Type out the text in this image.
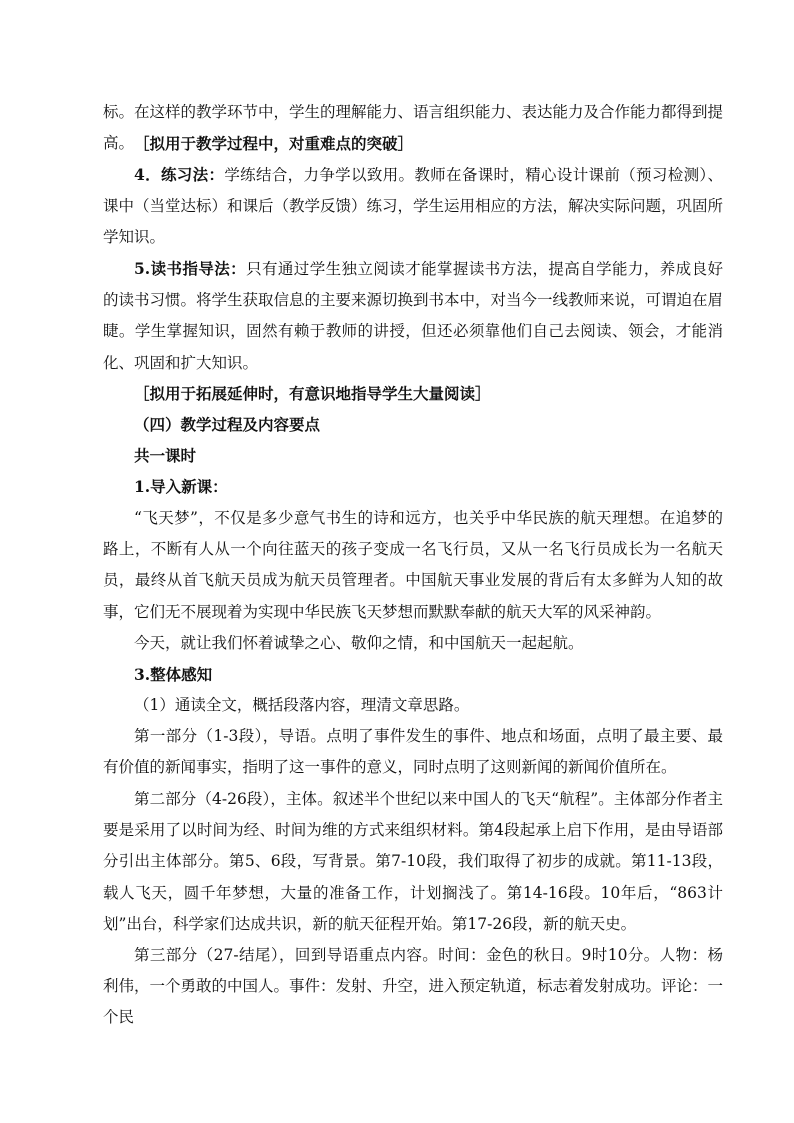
标。在这样的教学环节中，学生的理解能力、语言组织能力、表达能力及合作能力都得到提高。 ［拟用于教学过程中，对重难点的突破］

4．练习法：学练结合，力争学以致用。教师在备课时，精心设计课前（预习检测）、课中（当堂达标）和课后（教学反馈）练习，学生运用相应的方法，解决实际问题，巩固所学知识。

5.读书指导法：只有通过学生独立阅读才能掌握读书方法，提高自学能力，养成良好的读书习惯。将学生获取信息的主要来源切换到书本中，对当今一线教师来说，可谓迫在眉睫。学生掌握知识，固然有赖于教师的讲授，但还必须靠他们自己去阅读、领会，才能消化、巩固和扩大知识。

［拟用于拓展延伸时，有意识地指导学生大量阅读］

（四）教学过程及内容要点

共一课时

1.导入新课：

“飞天梦”，不仅是多少意气书生的诗和远方，也关乎中华民族的航天理想。在追梦的路上，不断有人从一个向往蓝天的孩子变成一名飞行员，又从一名飞行员成长为一名航天员，最终从首飞航天员成为航天员管理者。中国航天事业发展的背后有太多鲜为人知的故事，它们无不展现着为实现中华民族飞天梦想而默默奉献的航天大军的风采神韵。

今天，就让我们怀着诚挚之心、敬仰之情，和中国航天一起起航。

3.整体感知

（1）通读全文，概括段落内容，理清文章思路。

第一部分（1-3段），导语。点明了事件发生的事件、地点和场面，点明了最主要、最有价值的新闻事实，指明了这一事件的意义，同时点明了这则新闻的新闻价值所在。

第二部分（4-26段），主体。叙述半个世纪以来中国人的飞天“航程”。主体部分作者主要是采用了以时间为经、时间为维的方式来组织材料。第4段起承上启下作用，是由导语部分引出主体部分。第5、6段，写背景。第7-10段，我们取得了初步的成就。第11-13段，载人飞天，圆千年梦想，大量的准备工作，计划搁浅了。第14-16段。10年后，“863计划”出台，科学家们达成共识，新的航天征程开始。第17-26段，新的航天史。

第三部分（27-结尾），回到导语重点内容。时间：金色的秋日。9时10分。人物：杨利伟，一个勇敢的中国人。事件：发射、升空，进入预定轨道，标志着发射成功。评论：一个民
